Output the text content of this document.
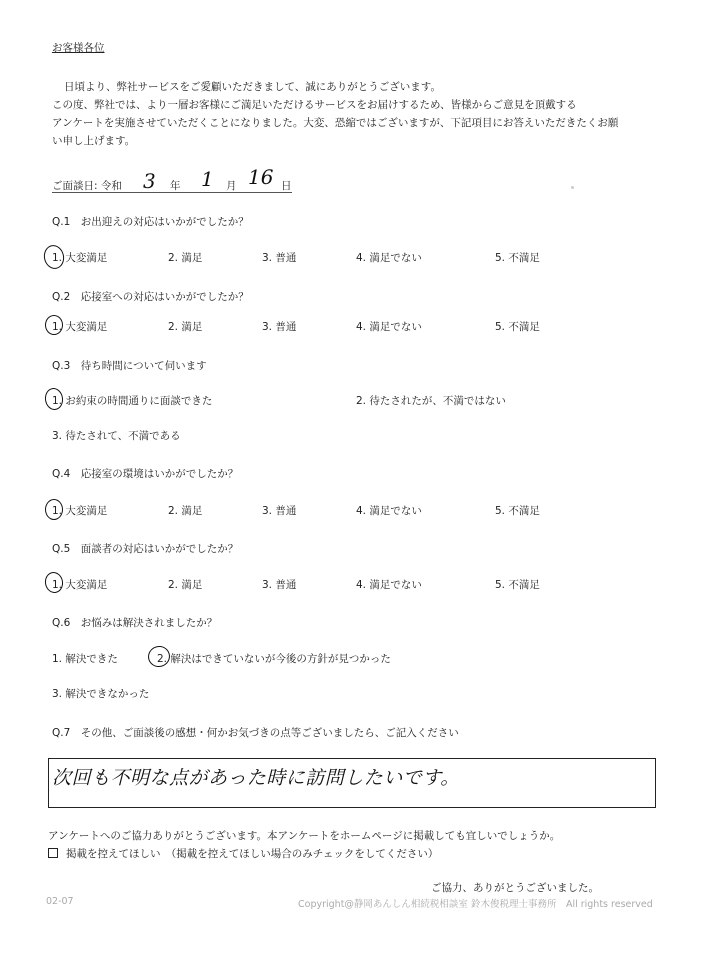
お客様各位
日頃より、弊社サービスをご愛顧いただきまして、誠にありがとうございます。
この度、弊社では、より一層お客様にご満足いただけるサービスをお届けするため、皆様からご意見を頂戴する
アンケートを実施させていただくことになりました。大変、恐縮ではございますが、下記項目にお答えいただきたくお願
い申し上げます。
ご面談日: 令和 3 年 1 月 16 日
Q.1　お出迎えの対応はいかがでしたか？
1. 大変満足	2. 満足	3. 普通	4. 満足でない	5. 不満足
Q.2　応接室への対応はいかがでしたか？
1. 大変満足	2. 満足	3. 普通	4. 満足でない	5. 不満足
Q.3　待ち時間について伺います
1. お約束の時間通りに面談できた	2. 待たされたが、不満ではない
3. 待たされて、不満である
Q.4　応接室の環境はいかがでしたか？
1. 大変満足	2. 満足	3. 普通	4. 満足でない	5. 不満足
Q.5　面談者の対応はいかがでしたか？
1. 大変満足	2. 満足	3. 普通	4. 満足でない	5. 不満足
Q.6　お悩みは解決されましたか？
1. 解決できた	2. 解決はできていないが今後の方針が見つかった
3. 解決できなかった
Q.7　その他、ご面談後の感想・何かお気づきの点等ございましたら、ご記入ください
次回も不明な点があった時に訪問したいです。
アンケートへのご協力ありがとうございます。本アンケートをホームページに掲載しても宜しいでしょうか。
掲載を控えてほしい　（掲載を控えてほしい場合のみチェックをしてください）
ご協力、ありがとうございました。
02-07	Copyright@静岡あんしん相続税相談室 鈴木俊税理士事務所　All rights reserved
